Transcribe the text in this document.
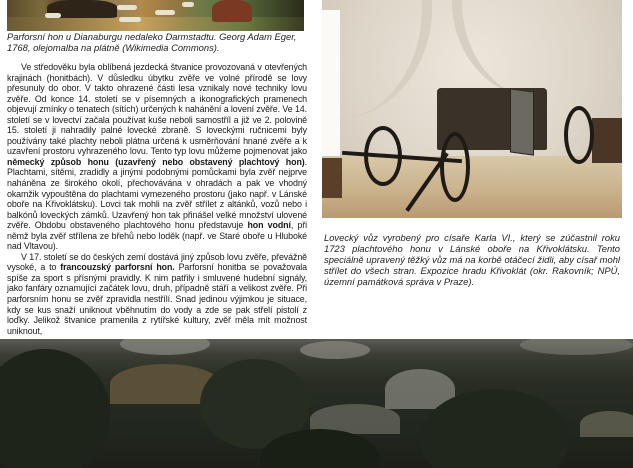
Parforsní hon u Dianaburgu nedaleko Darmstadtu. Georg Adam Eger, 1768, olejomalba na plátně (Wikimedia Commons).

Ve středověku byla oblíbená jezdecká štvanice provozovaná v otevřených krajinách (honitbách). V důsledku úbytku zvěře ve volné přírodě se lovy přesunuly do obor. V takto ohrazené části lesa vznikaly nové techniky lovu zvěře. Od konce 14. století se v písemných a ikonografických pramenech objevují zmínky o tenatech (sítích) určených k nahánění a lovení zvěře. Ve 14. století se v lovectví začala používat kuše neboli samostříl a již ve 2. polovině 15. století ji nahradily palné lovecké zbraně. S loveckými ručnicemi byly používány také plachty neboli plátna určená k usměrňování hnané zvěře a k uzavření prostoru vyhrazeného lovu. Tento typ lovu můžeme pojmenovat jako německý způsob honu (uzavřený nebo obstavený plachtový hon). Plachtami, sítěmi, zradidly a jinými podobnými pomůckami byla zvěř nejprve naháněna ze širokého okolí, přechovávána v ohradách a pak ve vhodný okamžik vypouštěna do plachtami vymezeného prostoru (jako např. v Lánské oboře na Křivoklátsku). Lovci tak mohli na zvěř střílet z altánků, vozů nebo i balkónů loveckých zámků. Uzavřený hon tak přinášel velké množství ulovené zvěře. Obdobu obstaveného plachtového honu představuje hon vodní, při němž byla zvěř střílena ze břehů nebo loděk (např. ve Staré oboře u Hluboké nad Vltavou).

V 17. století se do českých zemí dostává jiný způsob lovu zvěře, převážně vysoké, a to francouzský parforsní hon. Parforsní honitba se považovala spíše za sport s přísnými pravidly. K nim patřily i smluvené hudební signály, jako fanfáry oznamující začátek lovu, druh, případně stáří a velikost zvěře. Při parforsním honu se zvěř zpravidla nestřílí. Snad jedinou výjimkou je situace, kdy se kus snaží uniknout vběhnutím do vody a zde se pak střelí pistolí z loďky. Jelikož štvanice pramenila z rytířské kultury, zvěř měla mít možnost uniknout,

Lovecký vůz vyrobený pro císaře Karla VI., který se zúčastnil roku 1723 plachtového honu v Lánské oboře na Křivoklátsku. Tento speciálně upravený těžký vůz má na korbě otáčecí židli, aby císař mohl střílet do všech stran. Expozice hradu Křivoklát (okr. Rakovník; NPÚ, územní památková správa v Praze).
